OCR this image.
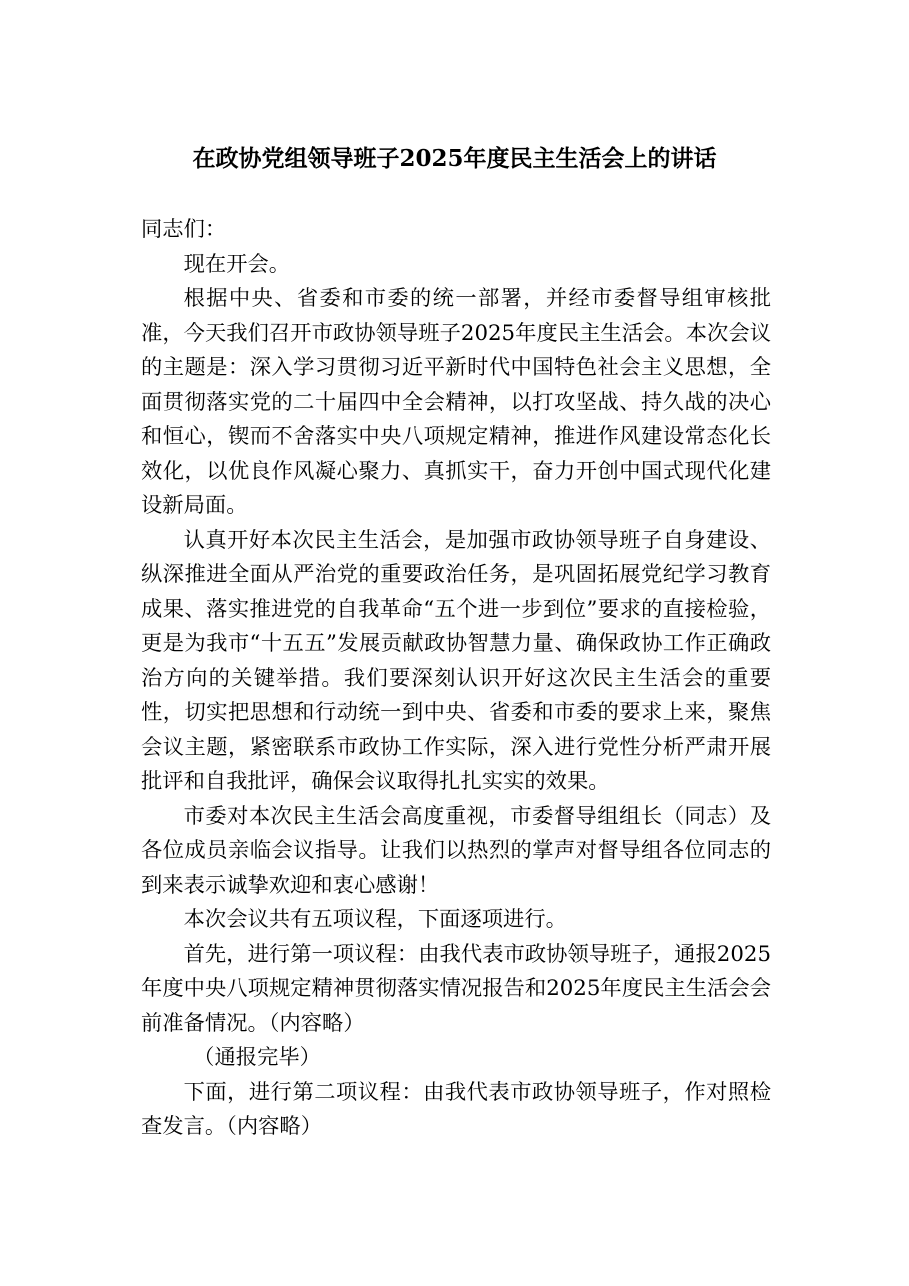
在政协党组领导班子2025年度民主生活会上的讲话

同志们：

现在开会。

根据中央、省委和市委的统一部署，并经市委督导组审核批准，今天我们召开市政协领导班子2025年度民主生活会。本次会议的主题是：深入学习贯彻习近平新时代中国特色社会主义思想，全面贯彻落实党的二十届四中全会精神，以打攻坚战、持久战的决心和恒心，锲而不舍落实中央八项规定精神，推进作风建设常态化长效化，以优良作风凝心聚力、真抓实干，奋力开创中国式现代化建设新局面。

认真开好本次民主生活会，是加强市政协领导班子自身建设、纵深推进全面从严治党的重要政治任务，是巩固拓展党纪学习教育成果、落实推进党的自我革命“五个进一步到位”要求的直接检验，更是为我市“十五五”发展贡献政协智慧力量、确保政协工作正确政治方向的关键举措。我们要深刻认识开好这次民主生活会的重要性，切实把思想和行动统一到中央、省委和市委的要求上来，聚焦会议主题，紧密联系市政协工作实际，深入进行党性分析严肃开展批评和自我批评，确保会议取得扎扎实实的效果。

市委对本次民主生活会高度重视，市委督导组组长（同志）及各位成员亲临会议指导。让我们以热烈的掌声对督导组各位同志的到来表示诚挚欢迎和衷心感谢！

本次会议共有五项议程，下面逐项进行。

首先，进行第一项议程：由我代表市政协领导班子，通报2025年度中央八项规定精神贯彻落实情况报告和2025年度民主生活会会前准备情况。（内容略）

（通报完毕）

下面，进行第二项议程：由我代表市政协领导班子，作对照检查发言。（内容略）
